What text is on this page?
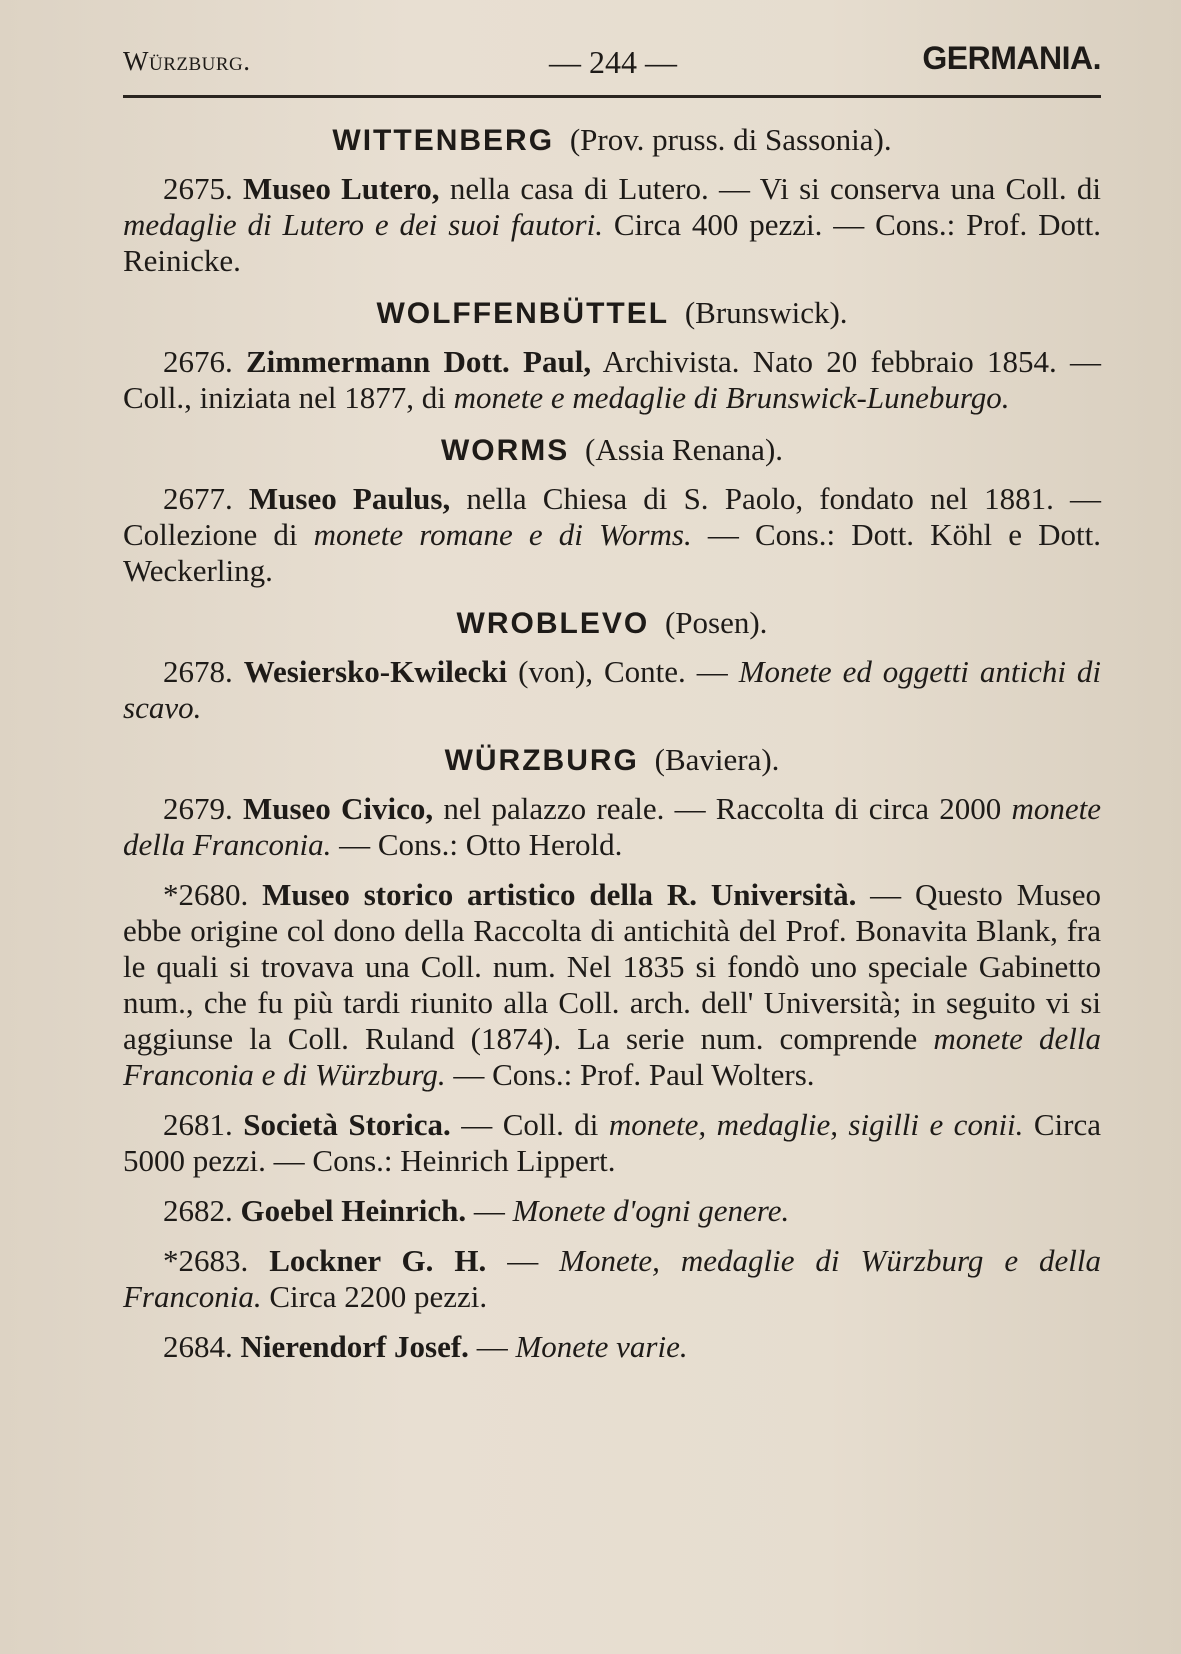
Würzburg.	— 244 —	GERMANIA.
WITTENBERG (Prov. pruss. di Sassonia).

2675. Museo Lutero, nella casa di Lutero. — Vi si conserva una Coll. di medaglie di Lutero e dei suoi fautori. Circa 400 pezzi. — Cons.: Prof. Dott. Reinicke.

WOLFFENBÜTTEL (Brunswick).

2676. Zimmermann Dott. Paul, Archivista. Nato 20 febbraio 1854. — Coll., iniziata nel 1877, di monete e medaglie di Brunswick-Luneburgo.

WORMS (Assia Renana).

2677. Museo Paulus, nella Chiesa di S. Paolo, fondato nel 1881. — Collezione di monete romane e di Worms. — Cons.: Dott. Köhl e Dott. Weckerling.

WROBLEVO (Posen).

2678. Wesiersko-Kwilecki (von), Conte. — Monete ed oggetti antichi di scavo.

WÜRZBURG (Baviera).

2679. Museo Civico, nel palazzo reale. — Raccolta di circa 2000 monete della Franconia. — Cons.: Otto Herold.

*2680. Museo storico artistico della R. Università. — Questo Museo ebbe origine col dono della Raccolta di antichità del Prof. Bonavita Blank, fra le quali si trovava una Coll. num. Nel 1835 si fondò uno speciale Gabinetto num., che fu più tardi riunito alla Coll. arch. dell' Università; in seguito vi si aggiunse la Coll. Ruland (1874). La serie num. comprende monete della Franconia e di Würzburg. — Cons.: Prof. Paul Wolters.

2681. Società Storica. — Coll. di monete, medaglie, sigilli e conii. Circa 5000 pezzi. — Cons.: Heinrich Lippert.

2682. Goebel Heinrich. — Monete d'ogni genere.

*2683. Lockner G. H. — Monete, medaglie di Würzburg e della Franconia. Circa 2200 pezzi.

2684. Nierendorf Josef. — Monete varie.
